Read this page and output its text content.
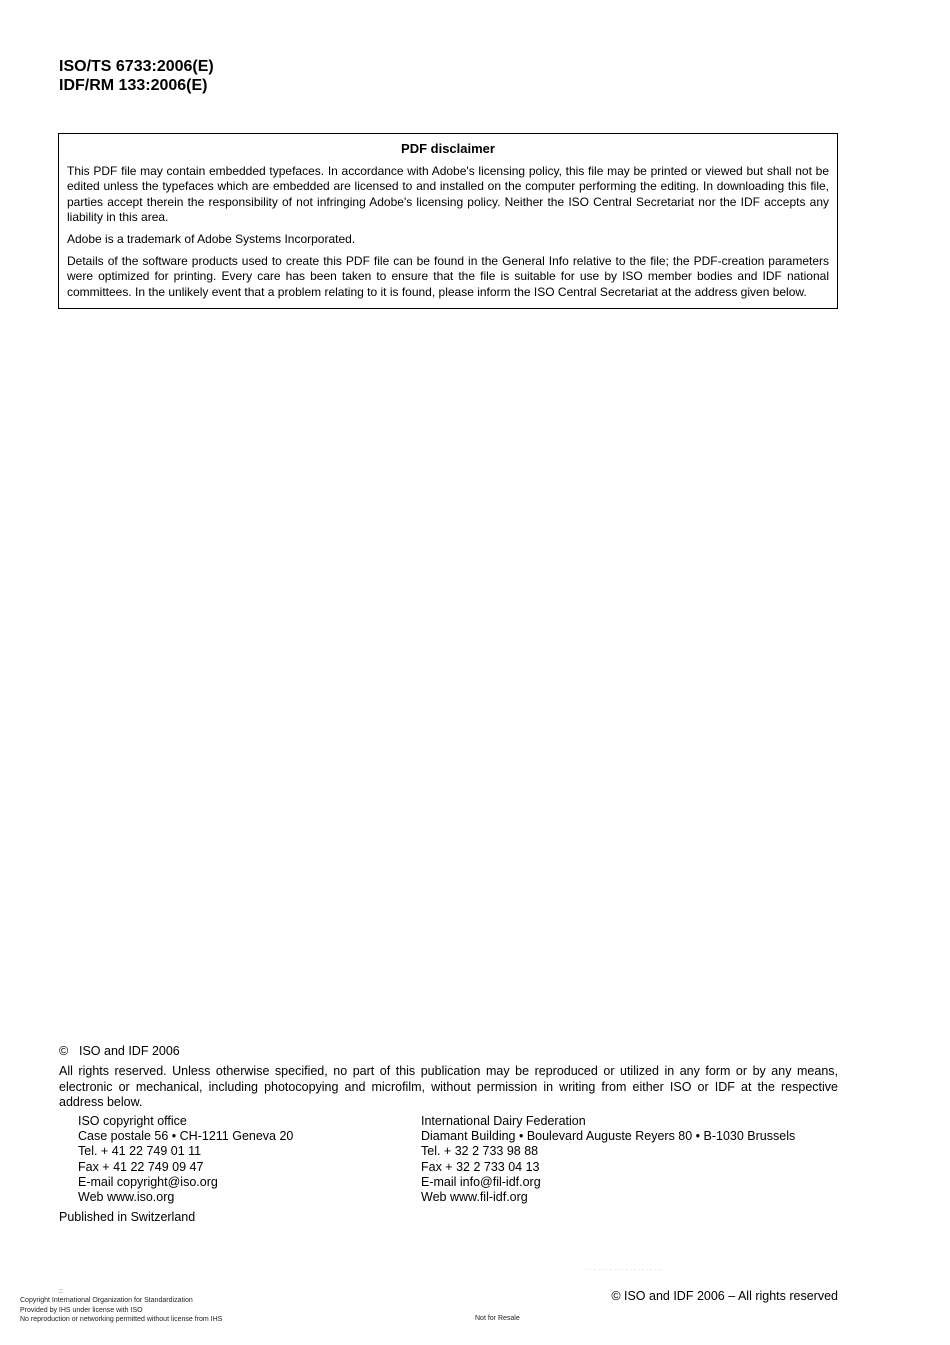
ISO/TS 6733:2006(E)
IDF/RM 133:2006(E)
PDF disclaimer

This PDF file may contain embedded typefaces. In accordance with Adobe's licensing policy, this file may be printed or viewed but shall not be edited unless the typefaces which are embedded are licensed to and installed on the computer performing the editing. In downloading this file, parties accept therein the responsibility of not infringing Adobe's licensing policy. Neither the ISO Central Secretariat nor the IDF accepts any liability in this area.

Adobe is a trademark of Adobe Systems Incorporated.

Details of the software products used to create this PDF file can be found in the General Info relative to the file; the PDF-creation parameters were optimized for printing. Every care has been taken to ensure that the file is suitable for use by ISO member bodies and IDF national committees. In the unlikely event that a problem relating to it is found, please inform the ISO Central Secretariat at the address given below.

© ISO and IDF 2006

All rights reserved. Unless otherwise specified, no part of this publication may be reproduced or utilized in any form or by any means, electronic or mechanical, including photocopying and microfilm, without permission in writing from either ISO or IDF at the respective address below.

ISO copyright office
Case postale 56 • CH-1211 Geneva 20
Tel. + 41 22 749 01 11
Fax + 41 22 749 09 47
E-mail copyright@iso.org
Web www.iso.org
International Dairy Federation
Diamant Building • Boulevard Auguste Reyers 80 • B-1030 Brussels
Tel. + 32 2 733 98 88
Fax + 32 2 733 04 13
E-mail info@fil-idf.org
Web www.fil-idf.org
Published in Switzerland
.-.. ..... ..... .. .. .. ...
::
Copyright International Organization for Standardization
Provided by IHS under license with ISO
No reproduction or networking permitted without license from IHS	Not for Resale
© ISO and IDF 2006 – All rights reserved
